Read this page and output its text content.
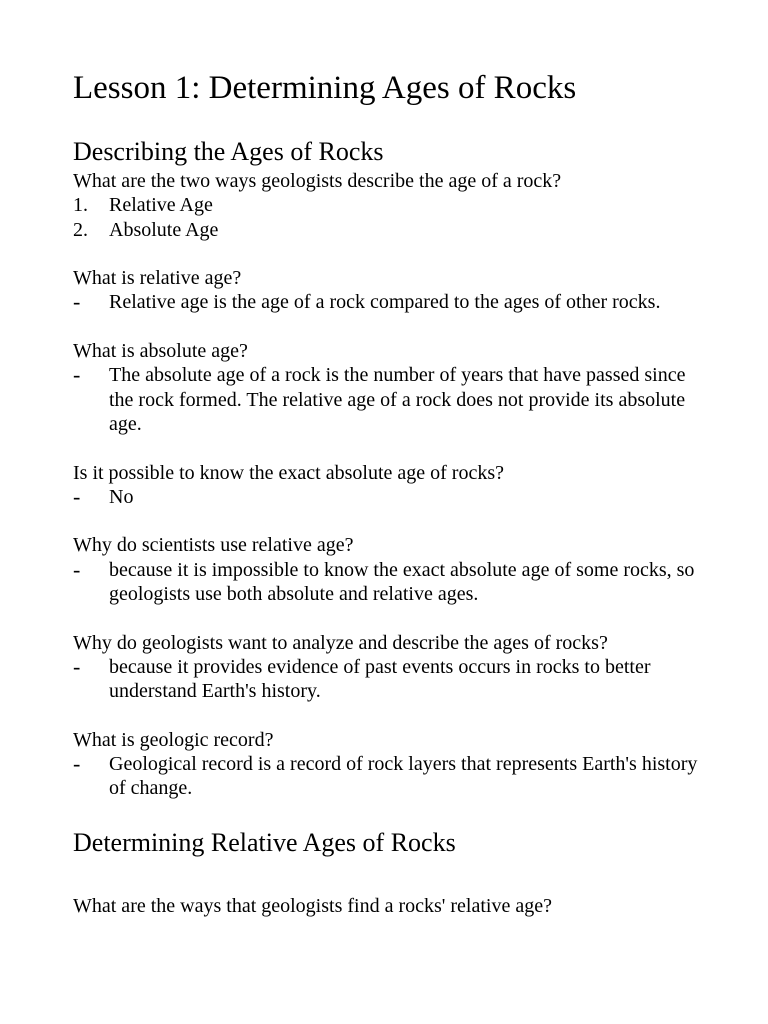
Lesson 1: Determining Ages of Rocks
Describing the Ages of Rocks

What are the two ways geologists describe the age of a rock?

1.	Relative Age
2.	Absolute Age

What is relative age?

-	Relative age is the age of a rock compared to the ages of other rocks.

What is absolute age?

-	The absolute age of a rock is the number of years that have passed since the rock formed. The relative age of a rock does not provide its absolute age.

Is it possible to know the exact absolute age of rocks?

-	No

Why do scientists use relative age?

-	because it is impossible to know the exact absolute age of some rocks, so geologists use both absolute and relative ages.

Why do geologists want to analyze and describe the ages of rocks?

-	because it provides evidence of past events occurs in rocks to better understand Earth's history.

What is geologic record?

-	Geological record is a record of rock layers that represents Earth's history of change.
Determining Relative Ages of Rocks

What are the ways that geologists find a rocks' relative age?
